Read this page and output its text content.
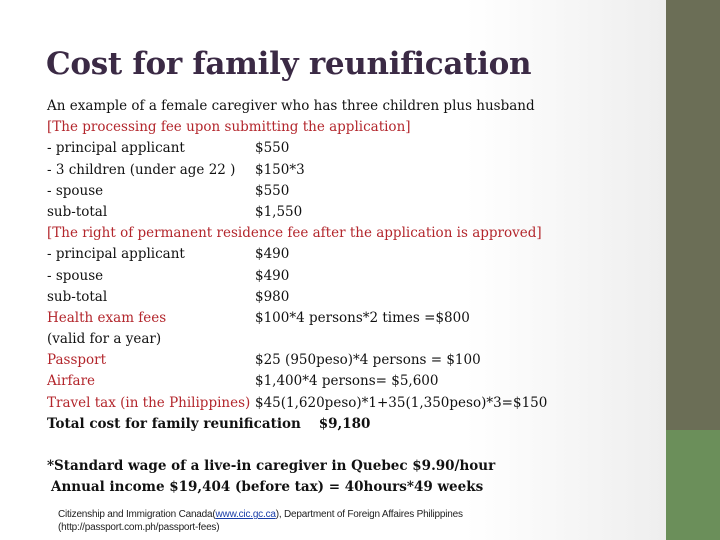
Cost for family reunification
An example of a female caregiver who has three children plus husband
[The processing fee upon submitting the application]
- principal applicant	$550
- 3 children (under age 22 )	$150*3
- spouse	$550
sub-total	$1,550
[The right of permanent residence fee after the application is approved]
- principal applicant	$490
- spouse	$490
sub-total	$980
Health exam fees	$100*4 persons*2 times =$800
(valid for a year)
Passport	$25 (950peso)*4 persons = $100
Airfare	$1,400*4 persons= $5,600
Travel tax (in the Philippines) $45(1,620peso)*1+35(1,350peso)*3=$150
Total cost for family reunification $9,180
*Standard wage of a live-in caregiver in Quebec $9.90/hour
Annual income $19,404 (before tax) = 40hours*49 weeks
Citizenship and Immigration Canada(www.cic.gc.ca), Department of Foreign Affaires Philippines
(http://passport.com.ph/passport-fees)
